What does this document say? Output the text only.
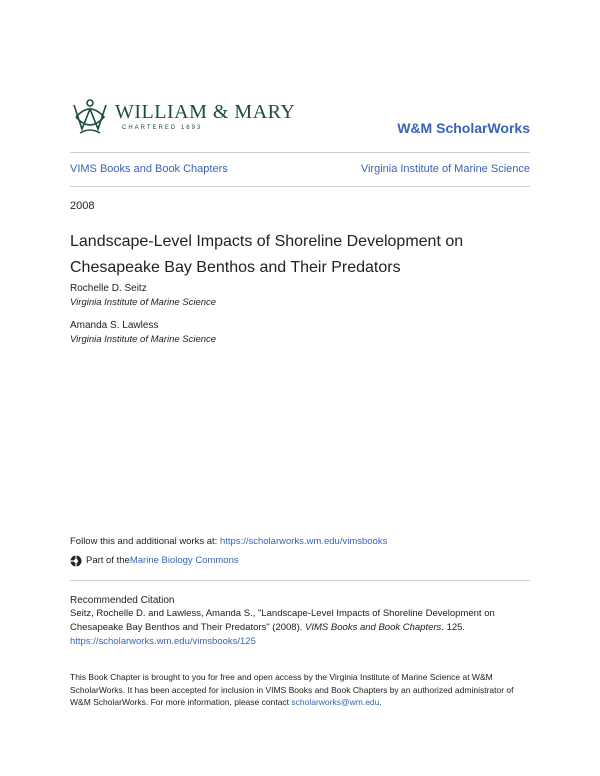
WILLIAM & MARY
CHARTERED 1693	W&M ScholarWorks
VIMS Books and Book Chapters	Virginia Institute of Marine Science
2008
Landscape-Level Impacts of Shoreline Development on Chesapeake Bay Benthos and Their Predators
Rochelle D. Seitz
Virginia Institute of Marine Science
Amanda S. Lawless
Virginia Institute of Marine Science
Follow this and additional works at: https://scholarworks.wm.edu/vimsbooks
Part of the Marine Biology Commons
Recommended Citation
Seitz, Rochelle D. and Lawless, Amanda S., "Landscape-Level Impacts of Shoreline Development on Chesapeake Bay Benthos and Their Predators" (2008). VIMS Books and Book Chapters. 125.
https://scholarworks.wm.edu/vimsbooks/125
This Book Chapter is brought to you for free and open access by the Virginia Institute of Marine Science at W&M ScholarWorks. It has been accepted for inclusion in VIMS Books and Book Chapters by an authorized administrator of W&M ScholarWorks. For more information, please contact scholarworks@wm.edu.
